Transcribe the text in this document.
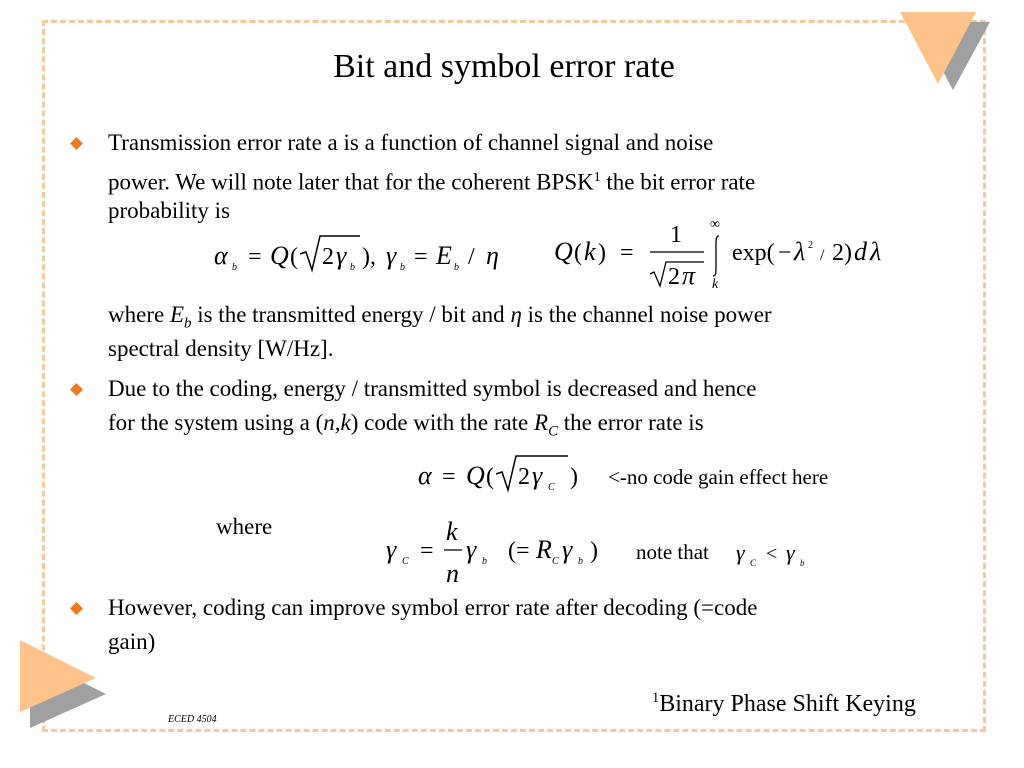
Bit and symbol error rate
Transmission error rate a is a function of channel signal and noise
power. We will note later that for the coherent BPSK$^1$ the bit error rate
probability is
α b = Q ( 2 γ b ), γ b = E b / η Q ( k ) =
1
2 π
∞
k
exp( − λ 2
/ 2) d λ
where $E_b$ is the transmitted energy / bit and η is the channel noise power
spectral density [W/Hz].
Due to the coding, energy / transmitted symbol is decreased and hence
for the system using a (n,k) code with the rate $R_C$ the error rate is
α = Q ( 2 γ C ) <-no code gain effect here
where
γ C =
k
n
γ b (= R C γ b ) note that γ C < γ b
However, coding can improve symbol error rate after decoding (=code
gain)
ECED 4504
$^1$Binary Phase Shift Keying
